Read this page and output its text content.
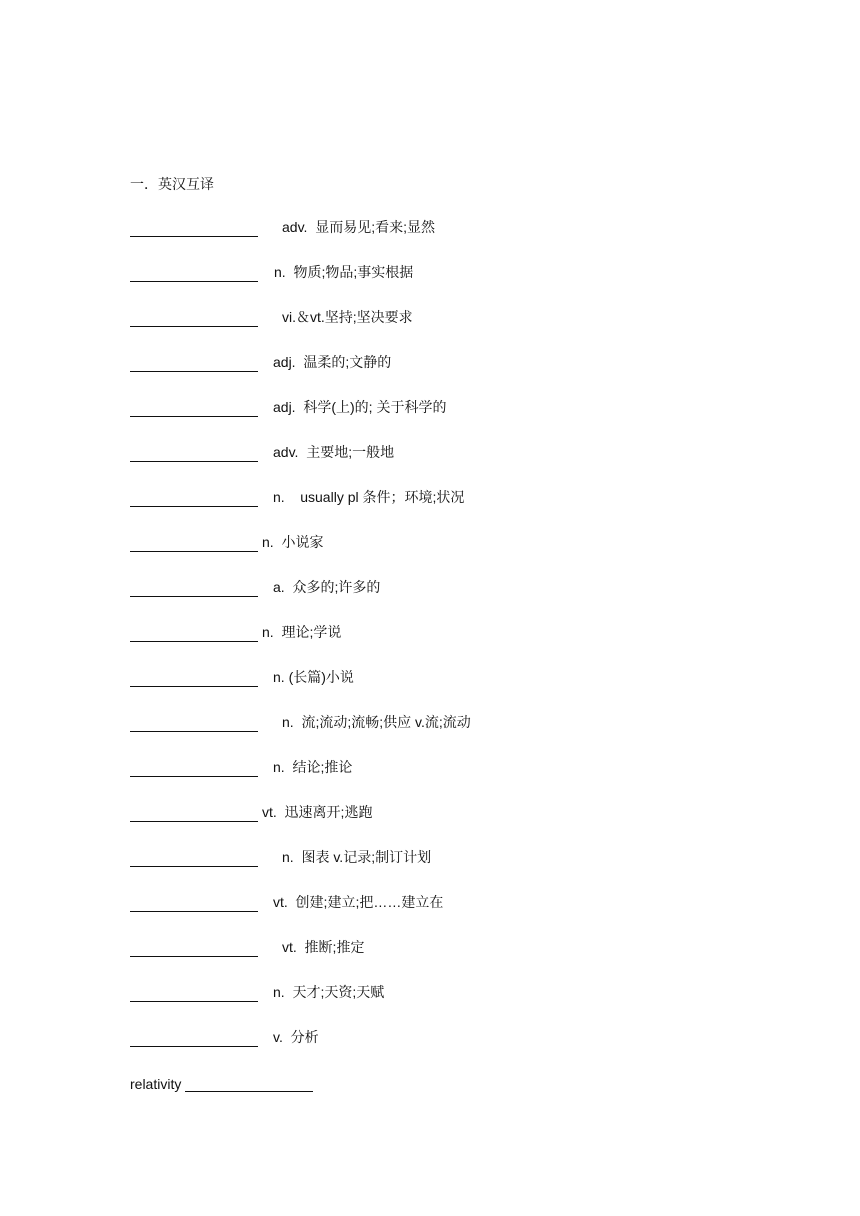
一．英汉互译
adv.  显而易见;看来;显然
n.  物质;物品;事实根据
vi.＆vt.坚持;坚决要求
adj.  温柔的;文静的
adj.  科学(上)的; 关于科学的
adv.  主要地;一般地
n.    usually pl 条件；环境;状况
n.  小说家
a.  众多的;许多的
n.  理论;学说
n. (长篇)小说
n.  流;流动;流畅;供应 v.流;流动
n.  结论;推论
vt.  迅速离开;逃跑
n.  图表 v.记录;制订计划
vt.  创建;建立;把……建立在
vt.  推断;推定
n.  天才;天资;天赋
v.  分析
relativity
